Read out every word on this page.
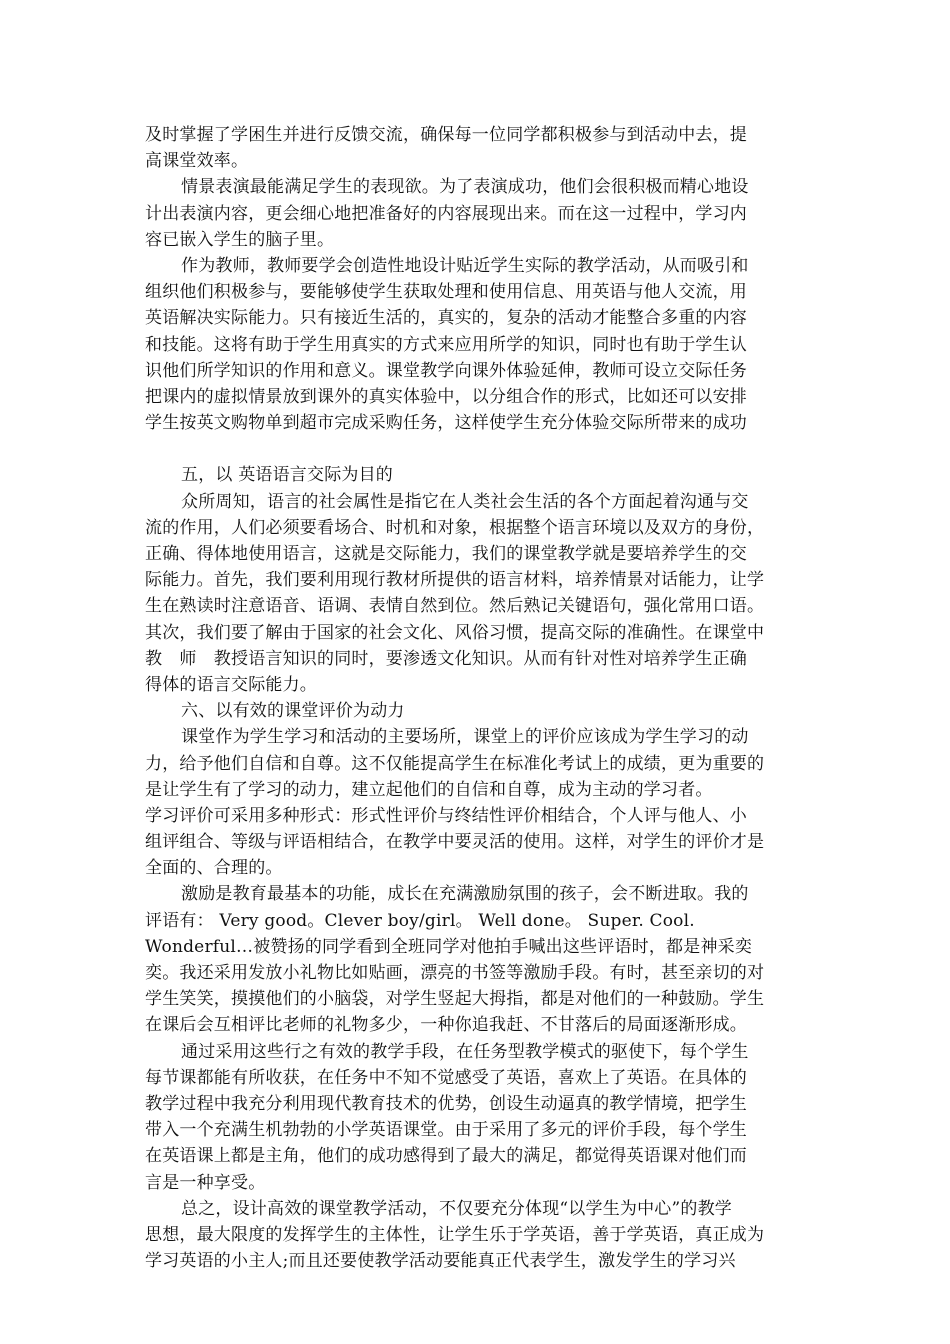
及时掌握了学困生并进行反馈交流，确保每一位同学都积极参与到活动中去，提
高课堂效率。
情景表演最能满足学生的表现欲。为了表演成功，他们会很积极而精心地设
计出表演内容，更会细心地把准备好的内容展现出来。而在这一过程中，学习内
容已嵌入学生的脑子里。
作为教师，教师要学会创造性地设计贴近学生实际的教学活动，从而吸引和
组织他们积极参与，要能够使学生获取处理和使用信息、用英语与他人交流，用
英语解决实际能力。只有接近生活的，真实的，复杂的活动才能整合多重的内容
和技能。这将有助于学生用真实的方式来应用所学的知识，同时也有助于学生认
识他们所学知识的作用和意义。课堂教学向课外体验延伸，教师可设立交际任务
把课内的虚拟情景放到课外的真实体验中，以分组合作的形式，比如还可以安排
学生按英文购物单到超市完成采购任务，这样使学生充分体验交际所带来的成功
五，以 英语语言交际为目的
众所周知，语言的社会属性是指它在人类社会生活的各个方面起着沟通与交
流的作用，人们必须要看场合、时机和对象，根据整个语言环境以及双方的身份，
正确、得体地使用语言，这就是交际能力，我们的课堂教学就是要培养学生的交
际能力。首先，我们要利用现行教材所提供的语言材料，培养情景对话能力，让学
生在熟读时注意语音、语调、表情自然到位。然后熟记关键语句，强化常用口语。
其次，我们要了解由于国家的社会文化、风俗习惯，提高交际的准确性。在课堂中
教　师　教授语言知识的同时，要渗透文化知识。从而有针对性对培养学生正确
得体的语言交际能力。
六、以有效的课堂评价为动力
课堂作为学生学习和活动的主要场所，课堂上的评价应该成为学生学习的动
力，给予他们自信和自尊。这不仅能提高学生在标准化考试上的成绩，更为重要的
是让学生有了学习的动力，建立起他们的自信和自尊，成为主动的学习者。
学习评价可采用多种形式：形式性评价与终结性评价相结合，个人评与他人、小
组评组合、等级与评语相结合，在教学中要灵活的使用。这样，对学生的评价才是
全面的、合理的。
激励是教育最基本的功能，成长在充满激励氛围的孩子，会不断进取。我的
评语有： Very good。Clever boy/girl。 Well done。 Super. Cool.
Wonderful…被赞扬的同学看到全班同学对他拍手喊出这些评语时，都是神采奕
奕。我还采用发放小礼物比如贴画，漂亮的书签等激励手段。有时，甚至亲切的对
学生笑笑，摸摸他们的小脑袋，对学生竖起大拇指，都是对他们的一种鼓励。学生
在课后会互相评比老师的礼物多少，一种你追我赶、不甘落后的局面逐渐形成。
通过采用这些行之有效的教学手段，在任务型教学模式的驱使下，每个学生
每节课都能有所收获，在任务中不知不觉感受了英语，喜欢上了英语。在具体的
教学过程中我充分利用现代教育技术的优势，创设生动逼真的教学情境，把学生
带入一个充满生机勃勃的小学英语课堂。由于采用了多元的评价手段，每个学生
在英语课上都是主角，他们的成功感得到了最大的满足，都觉得英语课对他们而
言是一种享受。
总之，设计高效的课堂教学活动，不仅要充分体现“以学生为中心”的教学
思想，最大限度的发挥学生的主体性，让学生乐于学英语，善于学英语，真正成为
学习英语的小主人;而且还要使教学活动要能真正代表学生，激发学生的学习兴
